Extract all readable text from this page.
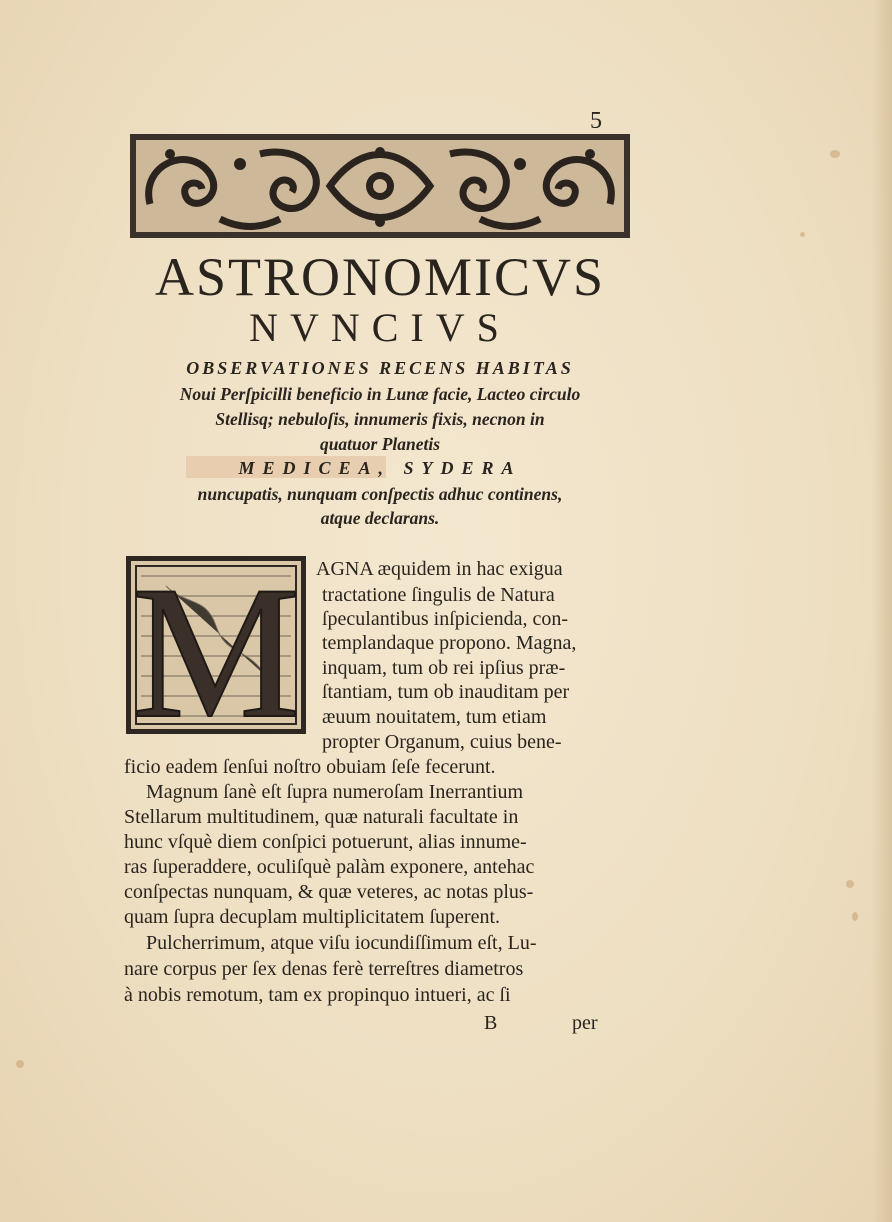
5
ASTRONOMICVS
NVNCIVS
OBSERVATIONES RECENS HABITAS
Noui Perſpicilli beneficio in Lunæ facie, Lacteo circulo
Stellisq; nebuloſis, innumeris fixis, necnon in
quatuor Planetis
MEDICEA, SYDERA
nuncupatis, nunquam conſpectis adhuc continens,
atque declarans.
M AGNA æquidem in hac exigua
tractatione ſingulis de Natura
ſpeculantibus inſpicienda, con-
templandaque propono. Magna,
inquam, tum ob rei ipſius præ-
ſtantiam, tum ob inauditam per
æuum nouitatem, tum etiam
propter Organum, cuius bene-
ficio eadem ſenſui noſtro obuiam ſeſe fecerunt.
Magnum ſanè eſt ſupra numeroſam Inerrantium
Stellarum multitudinem, quæ naturali facultate in
hunc vſquè diem conſpici potuerunt, alias innume-
ras ſuperaddere, oculiſquè palàm exponere, antehac
conſpectas nunquam, & quæ veteres, ac notas plus-
quam ſupra decuplam multiplicitatem ſuperent.
Pulcherrimum, atque viſu iocundiſſimum eſt, Lu-
nare corpus per ſex denas ferè terreſtres diametros
à nobis remotum, tam ex propinquo intueri, ac ſi
B	per
